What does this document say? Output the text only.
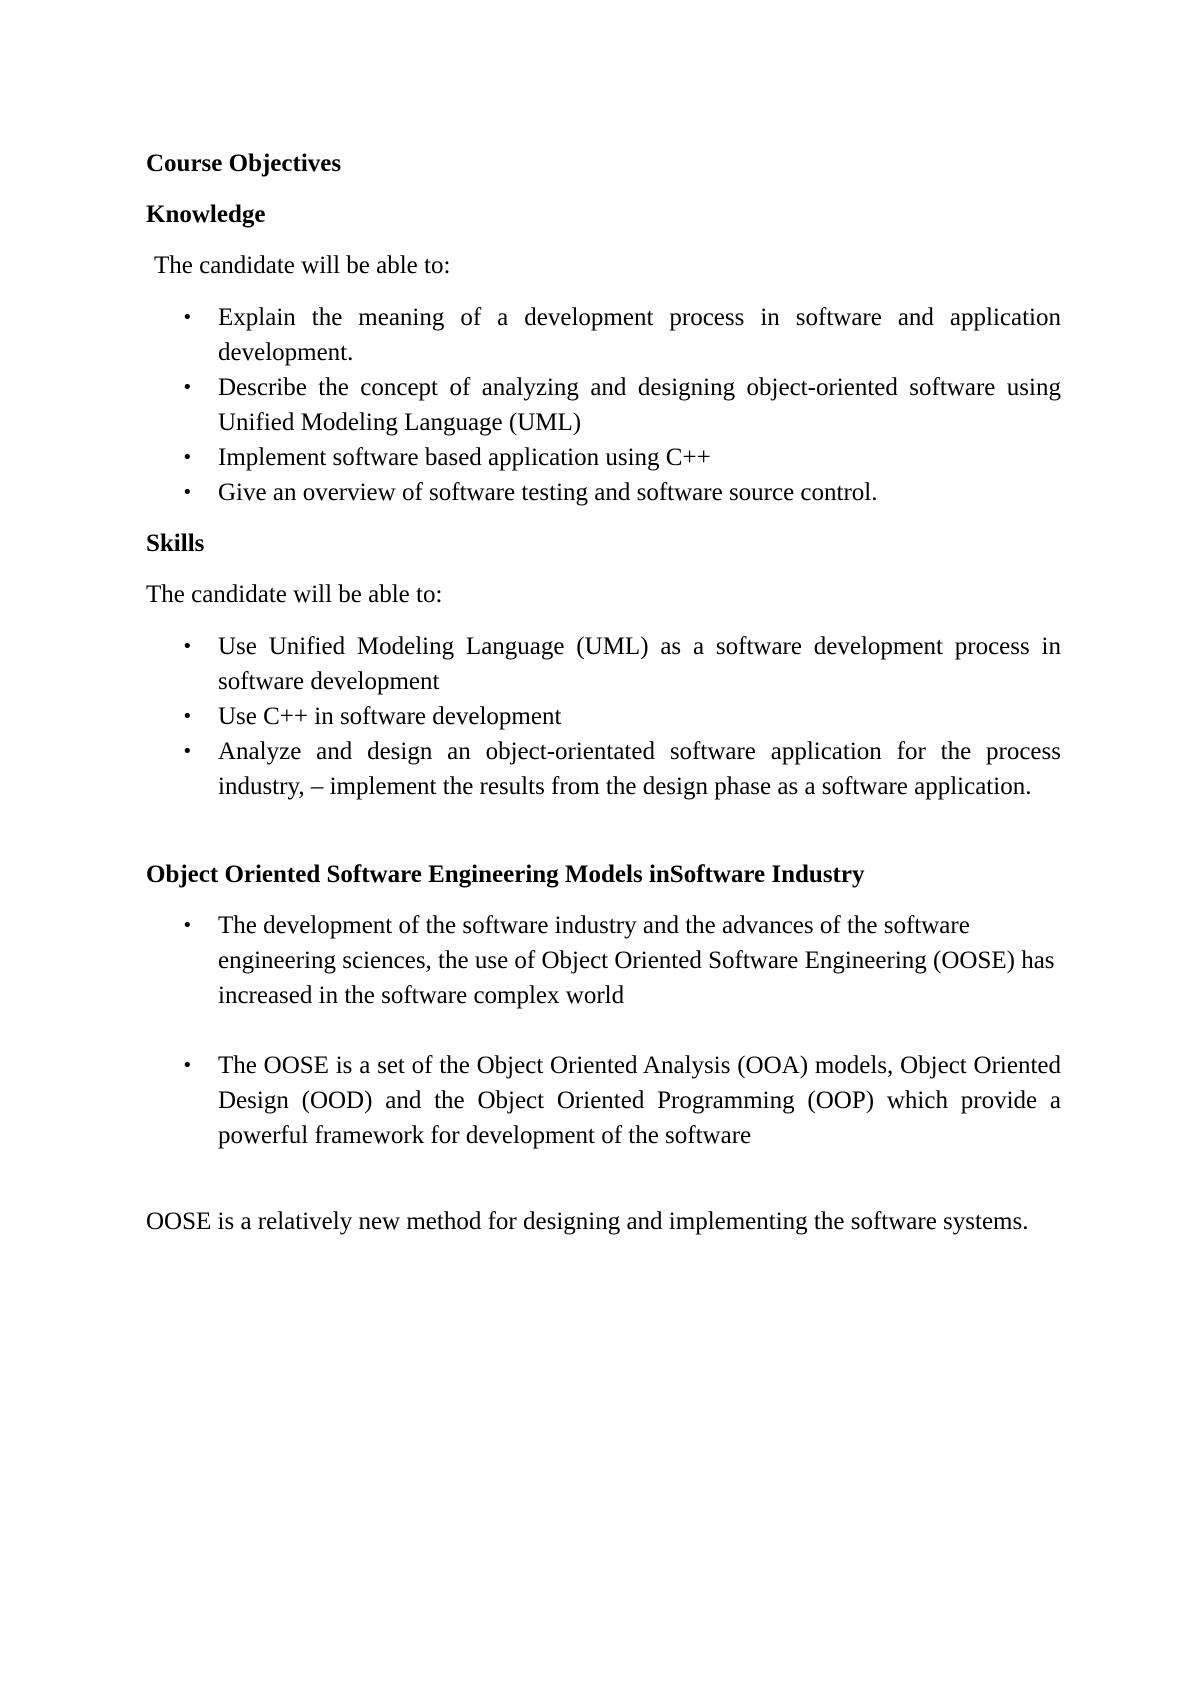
Course Objectives
Knowledge

The candidate will be able to:

•	Explain the meaning of a development process in software and application development.
•	Describe the concept of analyzing and designing object-oriented software using Unified Modeling Language (UML)
•	Implement software based application using C++
•	Give an overview of software testing and software source control.
Skills

The candidate will be able to:

•	Use Unified Modeling Language (UML) as a software development process in software development
•	Use C++ in software development
•	Analyze and design an object-orientated software application for the process industry, – implement the results from the design phase as a software application.
Object Oriented Software Engineering Models inSoftware Industry
•	The development of the software industry and the advances of the software engineering sciences, the use of Object Oriented Software Engineering (OOSE) has increased in the software complex world
•	The OOSE is a set of the Object Oriented Analysis (OOA) models, Object Oriented Design (OOD) and the Object Oriented Programming (OOP) which provide a powerful framework for development of the software

OOSE is a relatively new method for designing and implementing the software systems.
